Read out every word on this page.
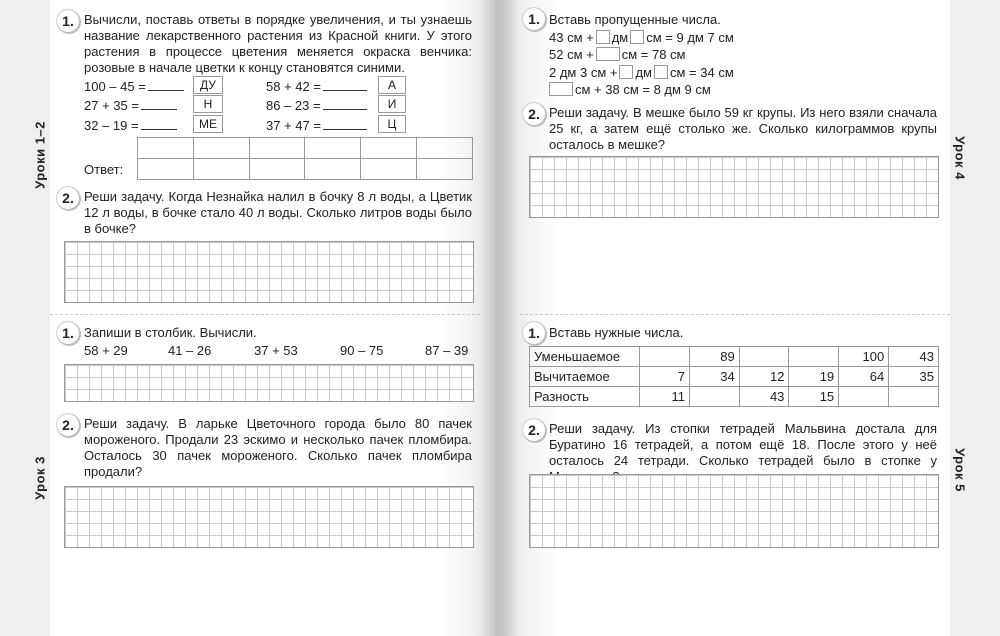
Уроки 1–2
Урок 3
1. Вычисли, поставь ответы в порядке увеличения, и ты узнаешь название лекарственного растения из Красной книги. У этого растения в процессе цветения меняется окраска венчика: розовые в начале цветки к концу становятся синими.
100 – 45 =	ДУ
27 + 35 =	Н
32 – 19 =	МЕ
58 + 42 =	А
86 – 23 =	И
37 + 47 =	Ц

Ответ:
2. Реши задачу. Когда Незнайка налил в бочку 8 л воды, а Цветик 12 л воды, в бочке стало 40 л воды. Сколько литров воды было в бочке?
1. Запиши в столбик. Вычисли.
58 + 29	41 – 26	37 + 53	90 – 75	87 – 39
2. Реши задачу. В ларьке Цветочного города было 80 пачек мороженого. Продали 23 эскимо и несколько пачек пломбира. Осталось 30 пачек мороженого. Сколько пачек пломбира продали?
Урок 4
Урок 5
1. Вставь пропущенные числа.
43 см + дм см = 9 дм 7 см
52 см + см = 78 см
2 дм 3 см + дм см = 34 см
см + 38 см = 8 дм 9 см
2. Реши задачу. В мешке было 59 кг крупы. Из него взяли сначала 25 кг, а затем ещё столько же. Сколько килограммов крупы осталось в мешке?
1. Вставь нужные числа.
Уменьшаемое		89			100	43
Вычитаемое	7	34	12	19	64	35
Разность	11		43	15		
2. Реши задачу. Из стопки тетрадей Мальвина достала для Буратино 16 тетрадей, а потом ещё 18. После этого у неё осталось 24 тетради. Сколько тетрадей было в стопке у
